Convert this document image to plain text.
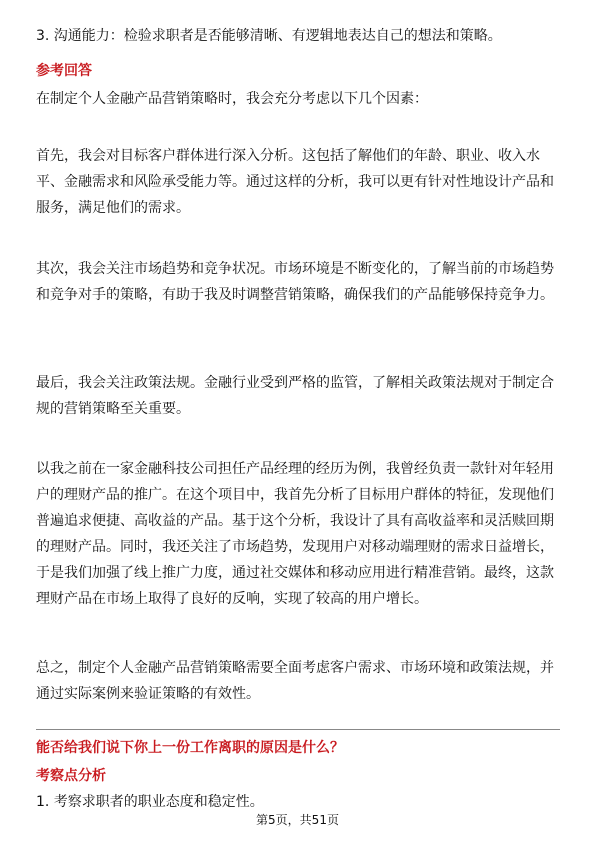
3. 沟通能力：检验求职者是否能够清晰、有逻辑地表达自己的想法和策略。

参考回答

在制定个人金融产品营销策略时，我会充分考虑以下几个因素：

首先，我会对目标客户群体进行深入分析。这包括了解他们的年龄、职业、收入水平、金融需求和风险承受能力等。通过这样的分析，我可以更有针对性地设计产品和服务，满足他们的需求。

其次，我会关注市场趋势和竞争状况。市场环境是不断变化的，了解当前的市场趋势和竞争对手的策略，有助于我及时调整营销策略，确保我们的产品能够保持竞争力。

最后，我会关注政策法规。金融行业受到严格的监管，了解相关政策法规对于制定合规的营销策略至关重要。

以我之前在一家金融科技公司担任产品经理的经历为例，我曾经负责一款针对年轻用户的理财产品的推广。在这个项目中，我首先分析了目标用户群体的特征，发现他们普遍追求便捷、高收益的产品。基于这个分析，我设计了具有高收益率和灵活赎回期的理财产品。同时，我还关注了市场趋势，发现用户对移动端理财的需求日益增长，于是我们加强了线上推广力度，通过社交媒体和移动应用进行精准营销。最终，这款理财产品在市场上取得了良好的反响，实现了较高的用户增长。

总之，制定个人金融产品营销策略需要全面考虑客户需求、市场环境和政策法规，并通过实际案例来验证策略的有效性。

能否给我们说下你上一份工作离职的原因是什么？

考察点分析

1. 考察求职者的职业态度和稳定性。

第5页，共51页
